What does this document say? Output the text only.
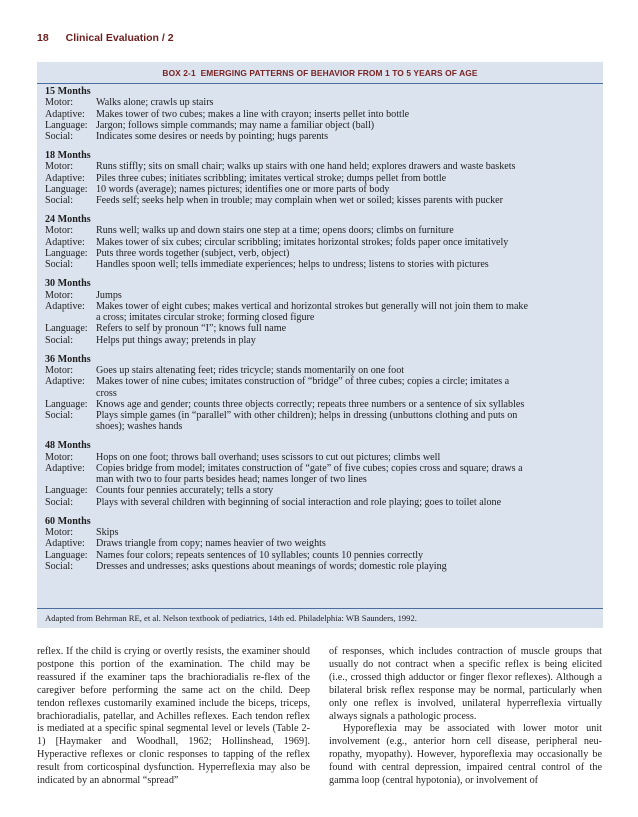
18 Clinical Evaluation / 2
BOX 2-1 EMERGING PATTERNS OF BEHAVIOR FROM 1 TO 5 YEARS OF AGE
15 Months
Motor:	Walks alone; crawls up stairs
Adaptive:	Makes tower of two cubes; makes a line with crayon; inserts pellet into bottle
Language: Jargon; follows simple commands; may name a familiar object (ball)
Social:	Indicates some desires or needs by pointing; hugs parents
18 Months
Motor:	Runs stiffly; sits on small chair; walks up stairs with one hand held; explores drawers and waste baskets
Adaptive:	Piles three cubes; initiates scribbling; imitates vertical stroke; dumps pellet from bottle
Language: 10 words (average); names pictures; identifies one or more parts of body
Social:	Feeds self; seeks help when in trouble; may complain when wet or soiled; kisses parents with pucker
24 Months
Motor:	Runs well; walks up and down stairs one step at a time; opens doors; climbs on furniture
Adaptive:	Makes tower of six cubes; circular scribbling; imitates horizontal strokes; folds paper once imitatively
Language: Puts three words together (subject, verb, object)
Social:	Handles spoon well; tells immediate experiences; helps to undress; listens to stories with pictures
30 Months
Motor:	Jumps
Adaptive:	Makes tower of eight cubes; makes vertical and horizontal strokes but generally will not join them to make
a cross; imitates circular stroke; forming closed figure
Language: Refers to self by pronoun “I”; knows full name
Social:	Helps put things away; pretends in play
36 Months
Motor:	Goes up stairs altenating feet; rides tricycle; stands momentarily on one foot
Adaptive:	Makes tower of nine cubes; imitates construction of “bridge” of three cubes; copies a circle; imitates a
cross
Language: Knows age and gender; counts three objects correctly; repeats three numbers or a sentence of six syllables
Social:	Plays simple games (in “parallel” with other children); helps in dressing (unbuttons clothing and puts on
shoes); washes hands
48 Months
Motor:	Hops on one foot; throws ball overhand; uses scissors to cut out pictures; climbs well
Adaptive:	Copies bridge from model; imitates construction of “gate” of five cubes; copies cross and square; draws a
man with two to four parts besides head; names longer of two lines
Language: Counts four pennies accurately; tells a story
Social:	Plays with several children with beginning of social interaction and role playing; goes to toilet alone
60 Months
Motor:	Skips
Adaptive:	Draws triangle from copy; names heavier of two weights
Language: Names four colors; repeats sentences of 10 syllables; counts 10 pennies correctly
Social:	Dresses and undresses; asks questions about meanings of words; domestic role playing
Adapted from Behrman RE, et al. Nelson textbook of pediatrics, 14th ed. Philadelphia: WB Saunders, 1992.

reflex. If the child is crying or overtly resists, the examiner should postpone this portion of the examination. The child may be reassured if the examiner taps the brachioradialis re-flex of the caregiver before performing the same act on the child. Deep tendon reflexes customarily examined include the biceps, triceps, brachioradialis, patellar, and Achilles reflexes. Each tendon reflex is mediated at a specific spinal segmental level or levels (Table 2-1) [Haymaker and Woodhall, 1962; Hollinshead, 1969]. Hyperactive reflexes or clonic responses to tapping of the reflex result from corticospinal dysfunction. Hyperreflexia may also be indicated by an abnormal “spread”

of responses, which includes contraction of muscle groups that usually do not contract when a specific reflex is being elicited (i.e., crossed thigh adductor or finger flexor reflexes). Although a bilateral brisk reflex response may be normal, particularly when only one reflex is involved, unilateral hyperreflexia virtually always signals a pathologic process.

Hyporeflexia may be associated with lower motor unit involvement (e.g., anterior horn cell disease, peripheral neu-ropathy, myopathy). However, hyporeflexia may occasionally be found with central depression, impaired central control of the gamma loop (central hypotonia), or involvement of
